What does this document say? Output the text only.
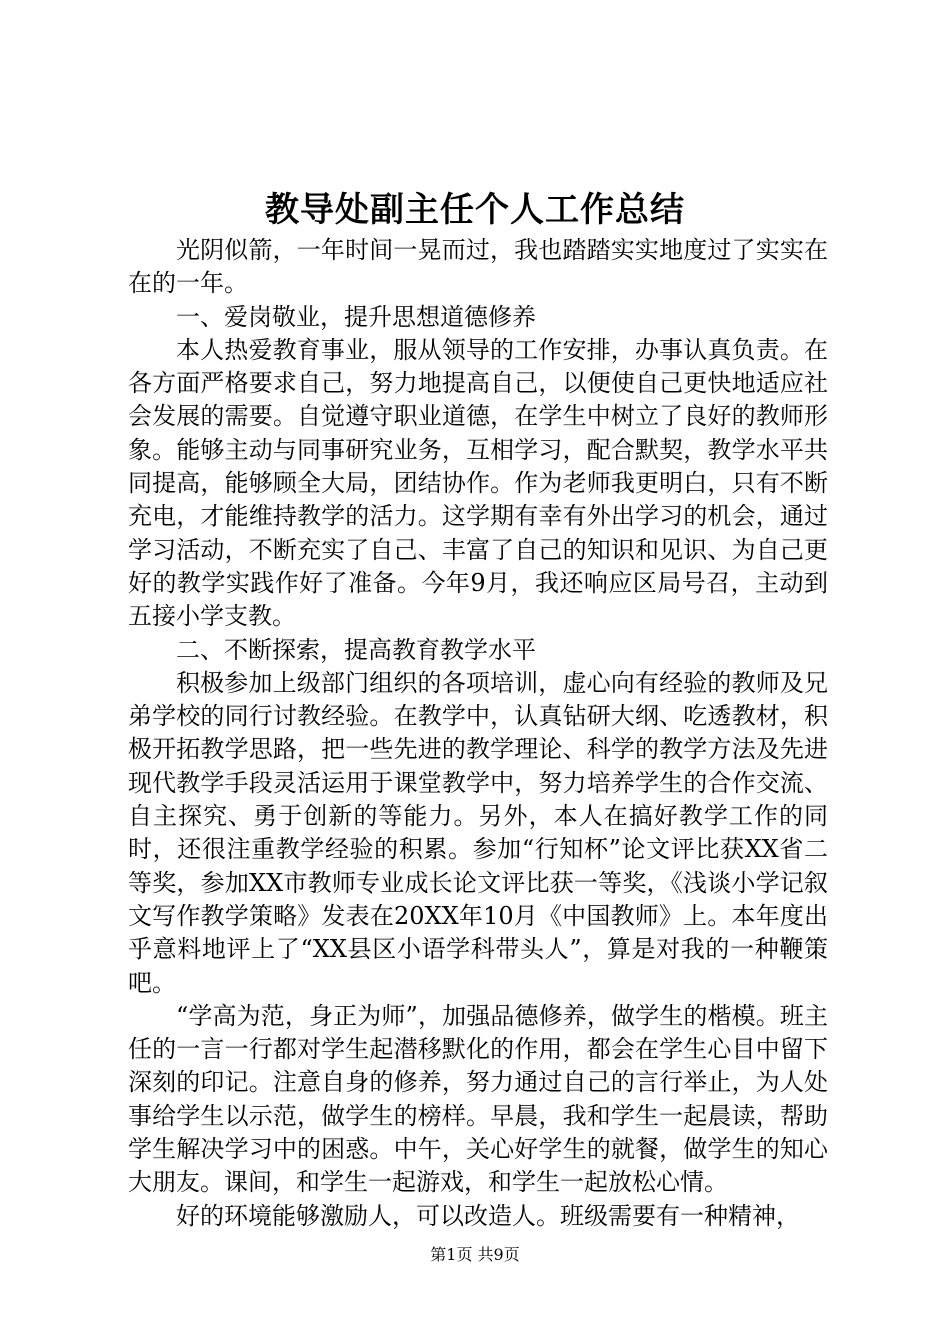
教导处副主任个人工作总结

光阴似箭，一年时间一晃而过，我也踏踏实实地度过了实实在在的一年。

一、爱岗敬业，提升思想道德修养

本人热爱教育事业，服从领导的工作安排，办事认真负责。在各方面严格要求自己，努力地提高自己，以便使自己更快地适应社会发展的需要。自觉遵守职业道德，在学生中树立了良好的教师形象。能够主动与同事研究业务，互相学习，配合默契，教学水平共同提高，能够顾全大局，团结协作。作为老师我更明白，只有不断充电，才能维持教学的活力。这学期有幸有外出学习的机会，通过学习活动，不断充实了自己、丰富了自己的知识和见识、为自己更好的教学实践作好了准备。今年9月，我还响应区局号召，主动到五接小学支教。

二、不断探索，提高教育教学水平

积极参加上级部门组织的各项培训，虚心向有经验的教师及兄弟学校的同行讨教经验。在教学中，认真钻研大纲、吃透教材，积极开拓教学思路，把一些先进的教学理论、科学的教学方法及先进现代教学手段灵活运用于课堂教学中，努力培养学生的合作交流、自主探究、勇于创新的等能力。另外，本人在搞好教学工作的同时，还很注重教学经验的积累。参加“行知杯”论文评比获XX省二等奖，参加XX市教师专业成长论文评比获一等奖，《浅谈小学记叙文写作教学策略》发表在20XX年10月《中国教师》上。本年度出乎意料地评上了“XX县区小语学科带头人”，算是对我的一种鞭策吧。

“学高为范，身正为师”，加强品德修养，做学生的楷模。班主任的一言一行都对学生起潜移默化的作用，都会在学生心目中留下深刻的印记。注意自身的修养，努力通过自己的言行举止，为人处事给学生以示范，做学生的榜样。早晨，我和学生一起晨读，帮助学生解决学习中的困惑。中午，关心好学生的就餐，做学生的知心大朋友。课间，和学生一起游戏，和学生一起放松心情。

好的环境能够激励人，可以改造人。班级需要有一种精神，

第1页 共9页
